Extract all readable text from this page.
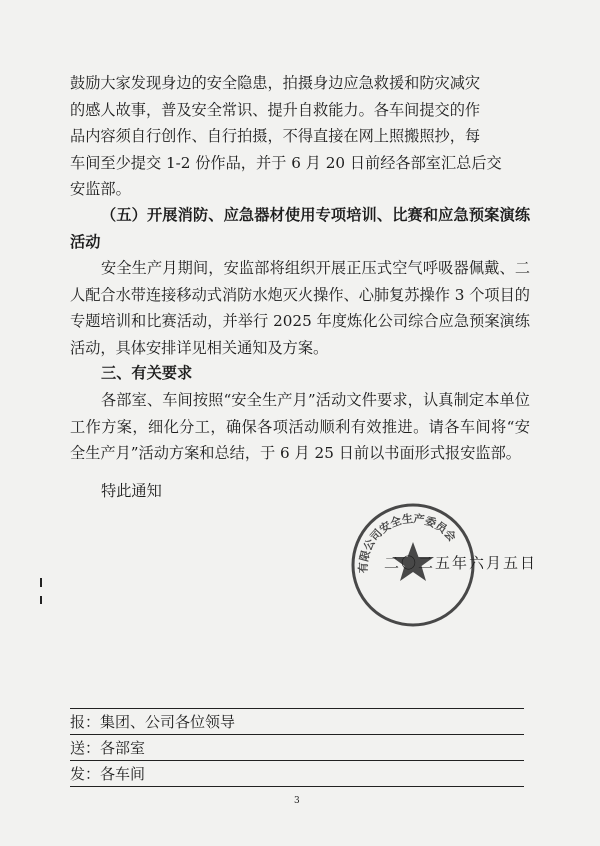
鼓励大家发现身边的安全隐患，拍摄身边应急救援和防灾减灾
的感人故事，普及安全常识、提升自救能力。各车间提交的作
品内容须自行创作、自行拍摄，不得直接在网上照搬照抄，每
车间至少提交 1-2 份作品，并于 6 月 20 日前经各部室汇总后交
安监部。

（五）开展消防、应急器材使用专项培训、比赛和应急预案演练活动

安全生产月期间，安监部将组织开展正压式空气呼吸器佩戴、二人配合水带连接移动式消防水炮灭火操作、心肺复苏操作 3 个项目的专题培训和比赛活动，并举行 2025 年度炼化公司综合应急预案演练活动，具体安排详见相关通知及方案。

三、有关要求

各部室、车间按照“安全生产月”活动文件要求，认真制定本单位工作方案，细化分工，确保各项活动顺利有效推进。请各车间将“安全生产月”活动方案和总结，于 6 月 25 日前以书面形式报安监部。

特此通知

有限公司安全生产委员会
二〇二五年六月五日
报：集团、公司各位领导
送：各部室
发：各车间
3
